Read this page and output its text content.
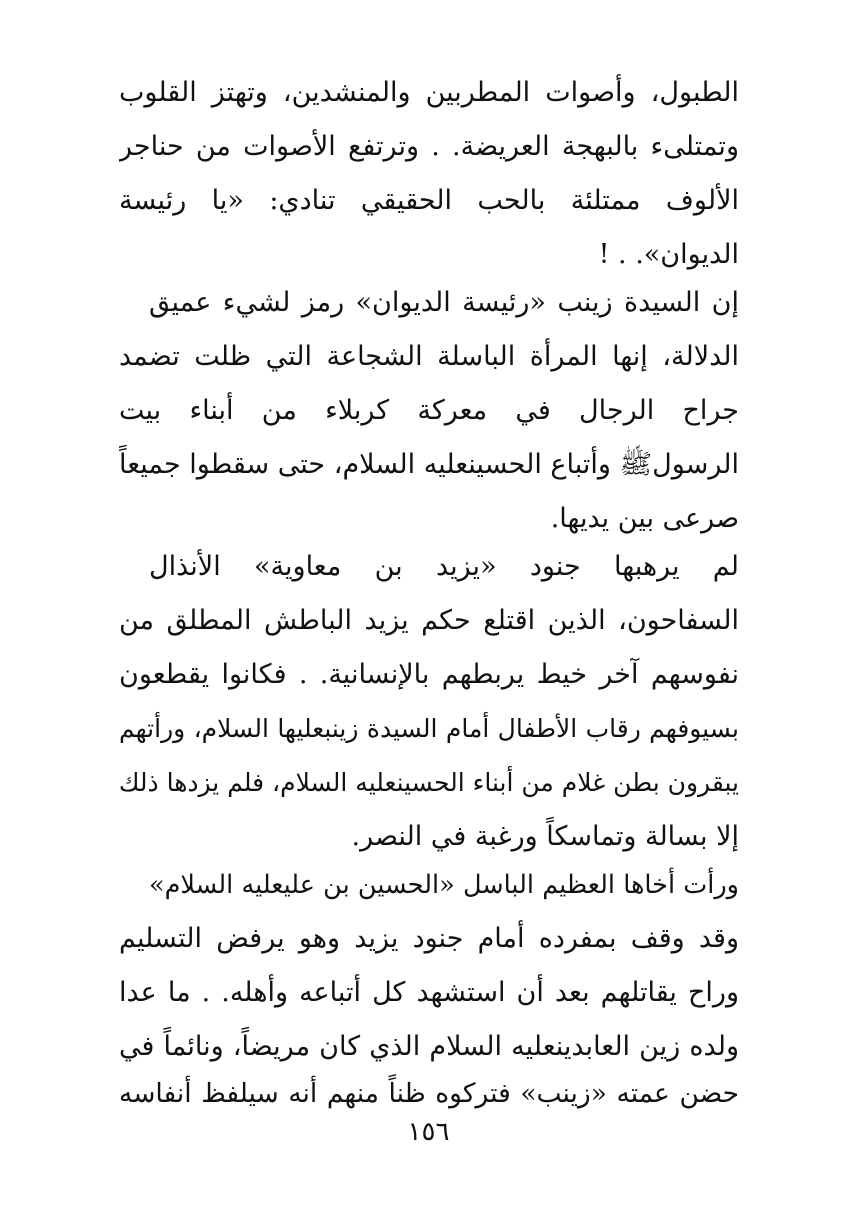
الطبول، وأصوات المطربين والمنشدين، وتهتز القلوب
وتمتلىء بالبهجة العريضة. . وترتفع الأصوات من حناجر
الألوف ممتلئة بالحب الحقيقي تنادي: «يا رئيسة
الديوان». . !
إن السيدة زينب «رئيسة الديوان» رمز لشيء عميق
الدلالة، إنها المرأة الباسلة الشجاعة التي ظلت تضمد
جراح الرجال في معركة كربلاء من أبناء بيت
الرسولﷺ وأتباع الحسينعليه السلام، حتى سقطوا جميعاً
صرعى بين يديها.
لم يرهبها جنود «يزيد بن معاوية» الأنذال
السفاحون، الذين اقتلع حكم يزيد الباطش المطلق من
نفوسهم آخر خيط يربطهم بالإنسانية. . فكانوا يقطعون
بسيوفهم رقاب الأطفال أمام السيدة زينبعليها السلام، ورأتهم
يبقرون بطن غلام من أبناء الحسينعليه السلام، فلم يزدها ذلك
إلا بسالة وتماسكاً ورغبة في النصر.
ورأت أخاها العظيم الباسل «الحسين بن عليعليه السلام»
وقد وقف بمفرده أمام جنود يزيد وهو يرفض التسليم
وراح يقاتلهم بعد أن استشهد كل أتباعه وأهله. . ما عدا
ولده زين العابدينعليه السلام الذي كان مريضاً، ونائماً في
حضن عمته «زينب» فتركوه ظناً منهم أنه سيلفظ أنفاسه
١٥٦
